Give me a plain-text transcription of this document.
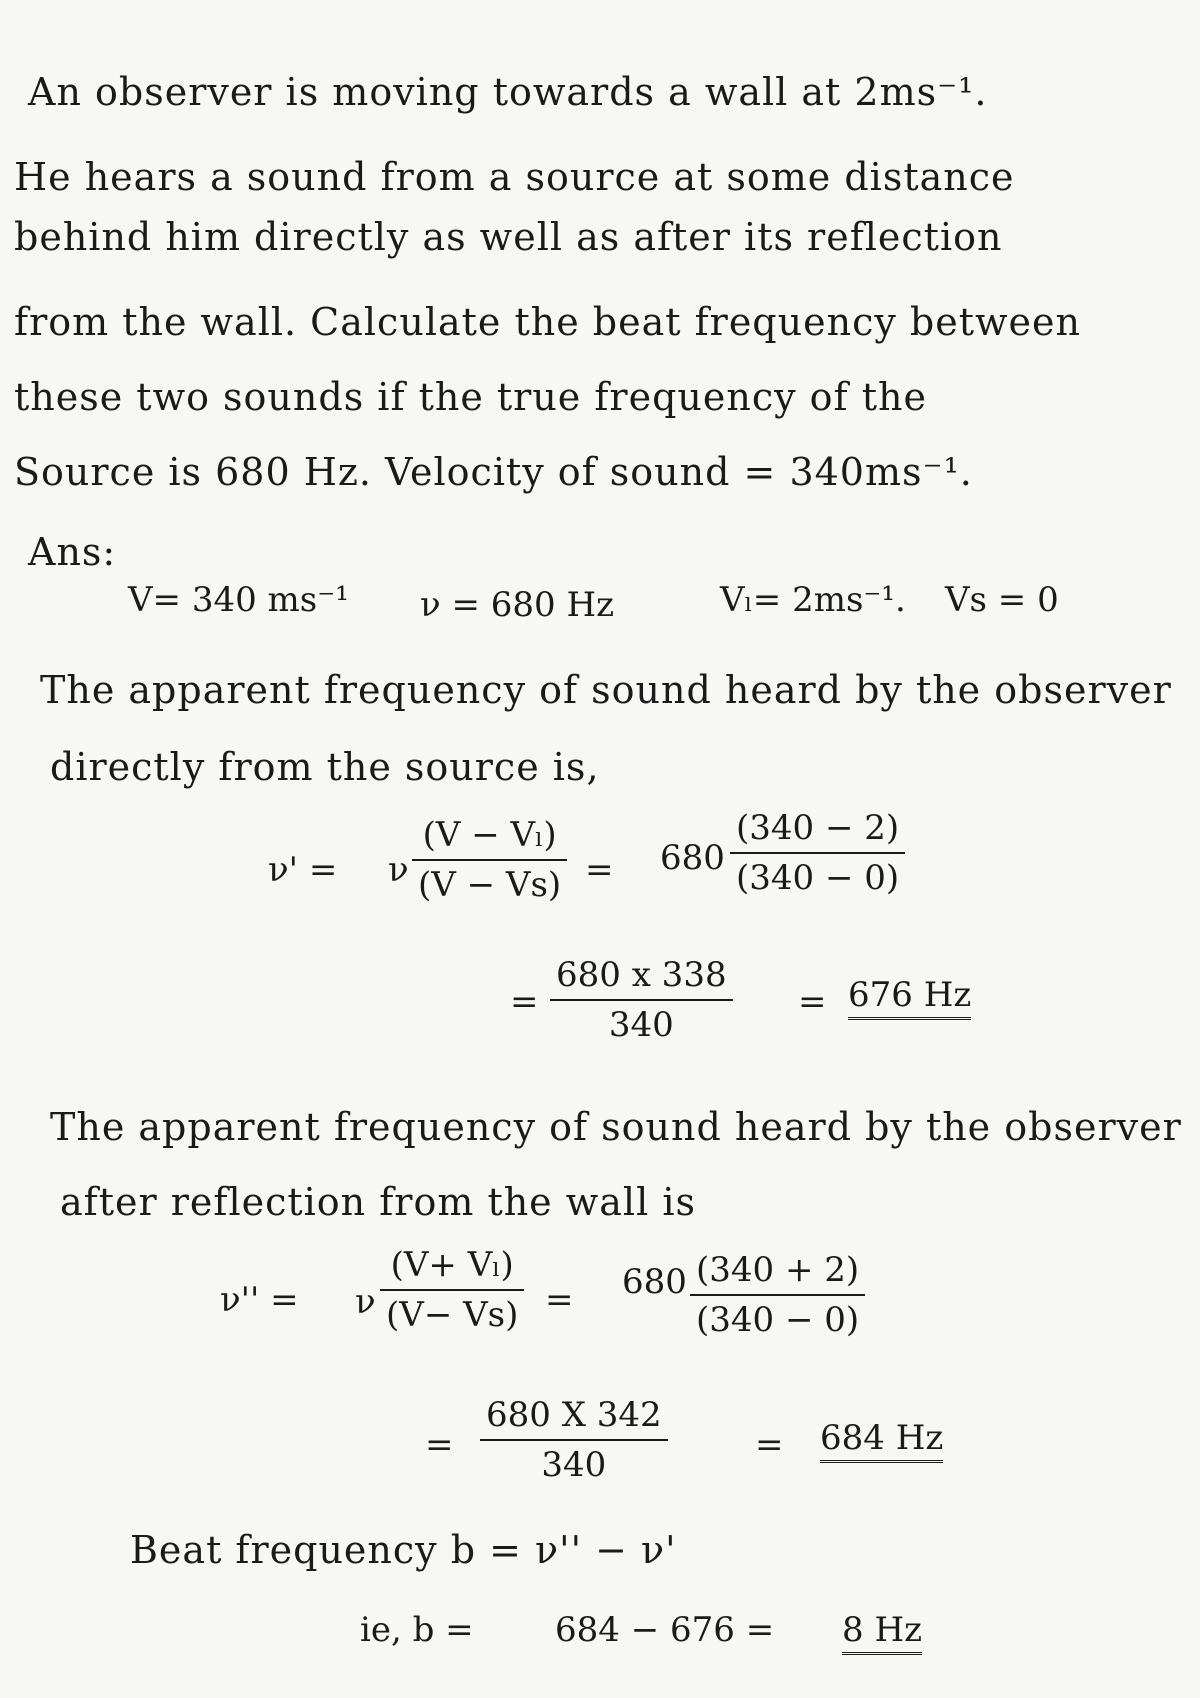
An observer is moving towards a wall at 2ms⁻¹.
He hears a sound from a source at some distance
behind him directly as well as after its reflection
from the wall. Calculate the beat frequency between
these two sounds if the true frequency of the
Source is 680 Hz. Velocity of sound = 340ms⁻¹.
Ans:
V= 340 ms⁻¹ ν = 680 Hz	Vₗ= 2ms⁻¹. Vs = 0
The apparent frequency of sound heard by the observer
directly from the source is,
ν' = ν
(V − Vₗ)
(V − Vs) = 680
(340 − 2)
(340 − 0)
=
680 x 338
340
= 676 Hz
The apparent frequency of sound heard by the observer
after reflection from the wall is
ν'' = ν
(V+ Vₗ)
(V− Vs) = 680 (340 + 2)
(340 − 0)
=
680 X 342
340	= 684 Hz
Beat frequency b = ν'' − ν'
ie, b = 684 − 676 = 8 Hz
